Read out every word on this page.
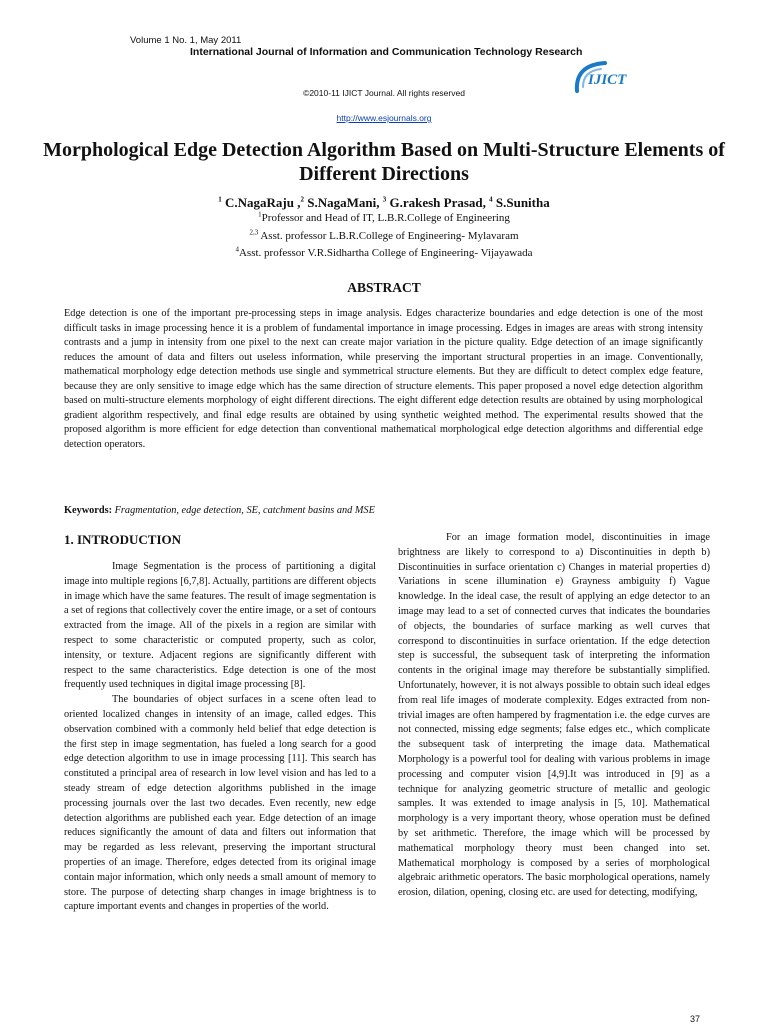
Volume 1 No. 1, May 2011
International Journal of Information and Communication Technology Research
IJICT
©2010-11 IJICT Journal. All rights reserved
http://www.esjournals.org
Morphological Edge Detection Algorithm Based on Multi-Structure Elements of Different Directions
$^1$ C.NagaRaju ,$^2$ S.NagaMani, $^3$ G.rakesh Prasad, $^4$ S.Sunitha
$^1$Professor and Head of IT, L.B.R.College of Engineering
$^{2,3}$ Asst. professor L.B.R.College of Engineering- Mylavaram
$^4$Asst. professor V.R.Sidhartha College of Engineering- Vijayawada
ABSTRACT

Edge detection is one of the important pre-processing steps in image analysis. Edges characterize boundaries and edge detection is one of the most difficult tasks in image processing hence it is a problem of fundamental importance in image processing. Edges in images are areas with strong intensity contrasts and a jump in intensity from one pixel to the next can create major variation in the picture quality. Edge detection of an image significantly reduces the amount of data and filters out useless information, while preserving the important structural properties in an image. Conventionally, mathematical morphology edge detection methods use single and symmetrical structure elements. But they are difficult to detect complex edge feature, because they are only sensitive to image edge which has the same direction of structure elements. This paper proposed a novel edge detection algorithm based on multi-structure elements morphology of eight different directions. The eight different edge detection results are obtained by using morphological gradient algorithm respectively, and final edge results are obtained by using synthetic weighted method. The experimental results showed that the proposed algorithm is more efficient for edge detection than conventional mathematical morphological edge detection algorithms and differential edge detection operators.

Keywords: Fragmentation, edge detection, SE, catchment basins and MSE
1. INTRODUCTION

Image Segmentation is the process of partitioning a digital image into multiple regions [6,7,8]. Actually, partitions are different objects in image which have the same features. The result of image segmentation is a set of regions that collectively cover the entire image, or a set of contours extracted from the image. All of the pixels in a region are similar with respect to some characteristic or computed property, such as color, intensity, or texture. Adjacent regions are significantly different with respect to the same characteristics. Edge detection is one of the most frequently used techniques in digital image processing [8].

The boundaries of object surfaces in a scene often lead to oriented localized changes in intensity of an image, called edges. This observation combined with a commonly held belief that edge detection is the first step in image segmentation, has fueled a long search for a good edge detection algorithm to use in image processing [11]. This search has constituted a principal area of research in low level vision and has led to a steady stream of edge detection algorithms published in the image processing journals over the last two decades. Even recently, new edge detection algorithms are published each year. Edge detection of an image reduces significantly the amount of data and filters out information that may be regarded as less relevant, preserving the important structural properties of an image. Therefore, edges detected from its original image contain major information, which only needs a small amount of memory to store. The purpose of detecting sharp changes in image brightness is to capture important events and changes in properties of the world.

For an image formation model, discontinuities in image brightness are likely to correspond to a) Discontinuities in depth b) Discontinuities in surface orientation c) Changes in material properties d) Variations in scene illumination e) Grayness ambiguity f) Vague knowledge. In the ideal case, the result of applying an edge detector to an image may lead to a set of connected curves that indicates the boundaries of objects, the boundaries of surface marking as well curves that correspond to discontinuities in surface orientation. If the edge detection step is successful, the subsequent task of interpreting the information contents in the original image may therefore be substantially simplified. Unfortunately, however, it is not always possible to obtain such ideal edges from real life images of moderate complexity. Edges extracted from non-trivial images are often hampered by fragmentation i.e. the edge curves are not connected, missing edge segments; false edges etc., which complicate the subsequent task of interpreting the image data. Mathematical Morphology is a powerful tool for dealing with various problems in image processing and computer vision [4,9].It was introduced in [9] as a technique for analyzing geometric structure of metallic and geologic samples. It was extended to image analysis in [5, 10]. Mathematical morphology is a very important theory, whose operation must be defined by set arithmetic. Therefore, the image which will be processed by mathematical morphology theory must been changed into set. Mathematical morphology is composed by a series of morphological algebraic arithmetic operators. The basic morphological operations, namely erosion, dilation, opening, closing etc. are used for detecting, modifying,

37
